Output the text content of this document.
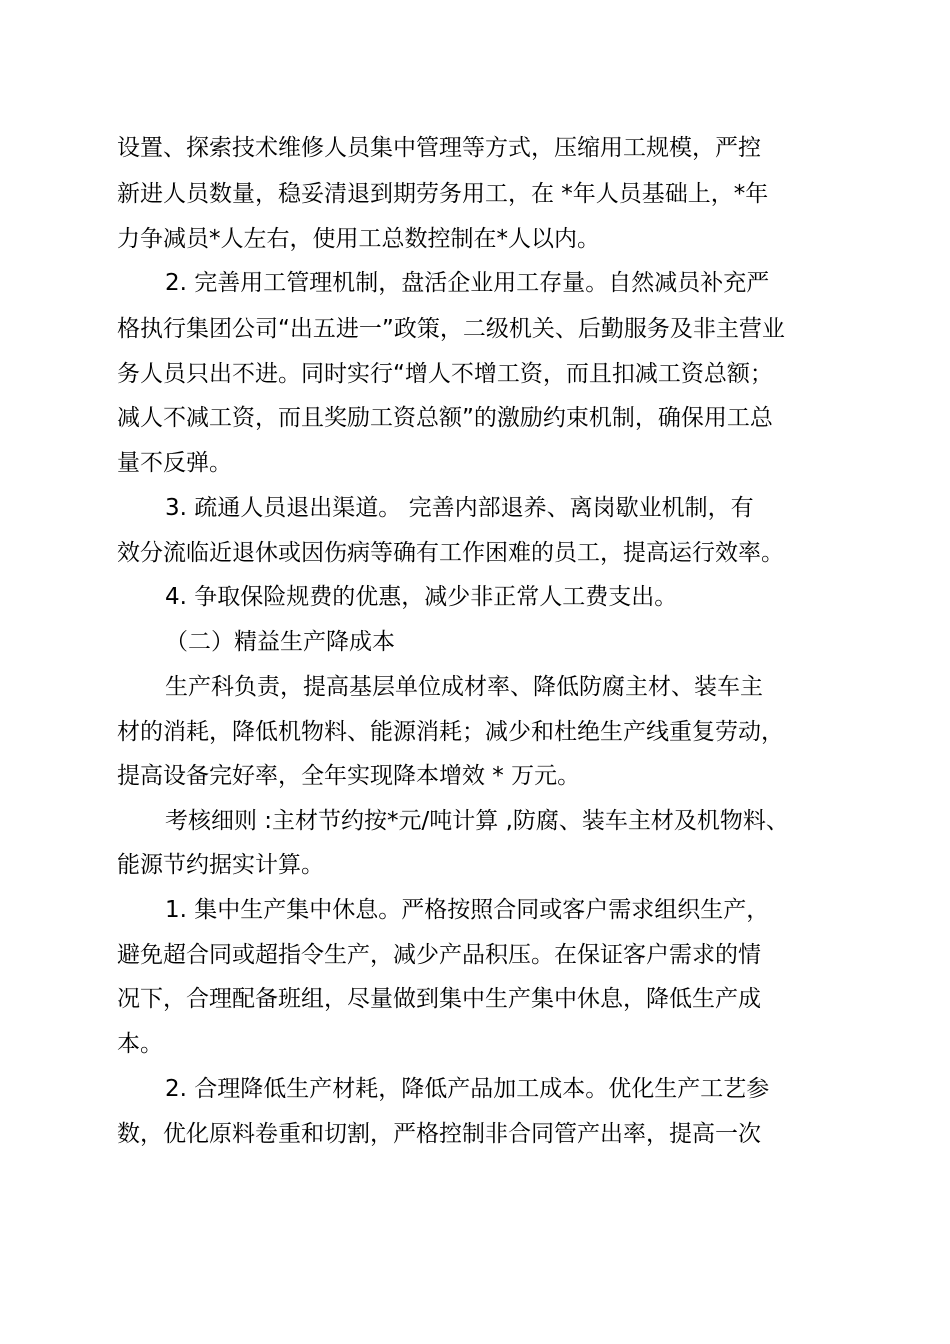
设置、探索技术维修人员集中管理等方式，压缩用工规模，严控
新进人员数量，稳妥清退到期劳务用工，在 *年人员基础上，*年
力争减员*人左右，使用工总数控制在*人以内。
2. 完善用工管理机制，盘活企业用工存量。自然减员补充严
格执行集团公司“出五进一”政策，二级机关、后勤服务及非主营业
务人员只出不进。同时实行“增人不增工资，而且扣减工资总额；
减人不减工资，而且奖励工资总额”的激励约束机制，确保用工总
量不反弹。
3. 疏通人员退出渠道。 完善内部退养、离岗歇业机制，有
效分流临近退休或因伤病等确有工作困难的员工，提高运行效率。
4. 争取保险规费的优惠，减少非正常人工费支出。
（二）精益生产降成本
生产科负责，提高基层单位成材率、降低防腐主材、装车主
材的消耗，降低机物料、能源消耗；减少和杜绝生产线重复劳动，
提高设备完好率，全年实现降本增效 * 万元。
考核细则 :主材节约按*元/吨计算 ,防腐、装车主材及机物料、
能源节约据实计算。
1. 集中生产集中休息。严格按照合同或客户需求组织生产，
避免超合同或超指令生产，减少产品积压。在保证客户需求的情
况下，合理配备班组，尽量做到集中生产集中休息，降低生产成
本。
2. 合理降低生产材耗，降低产品加工成本。优化生产工艺参
数，优化原料卷重和切割，严格控制非合同管产出率，提高一次
